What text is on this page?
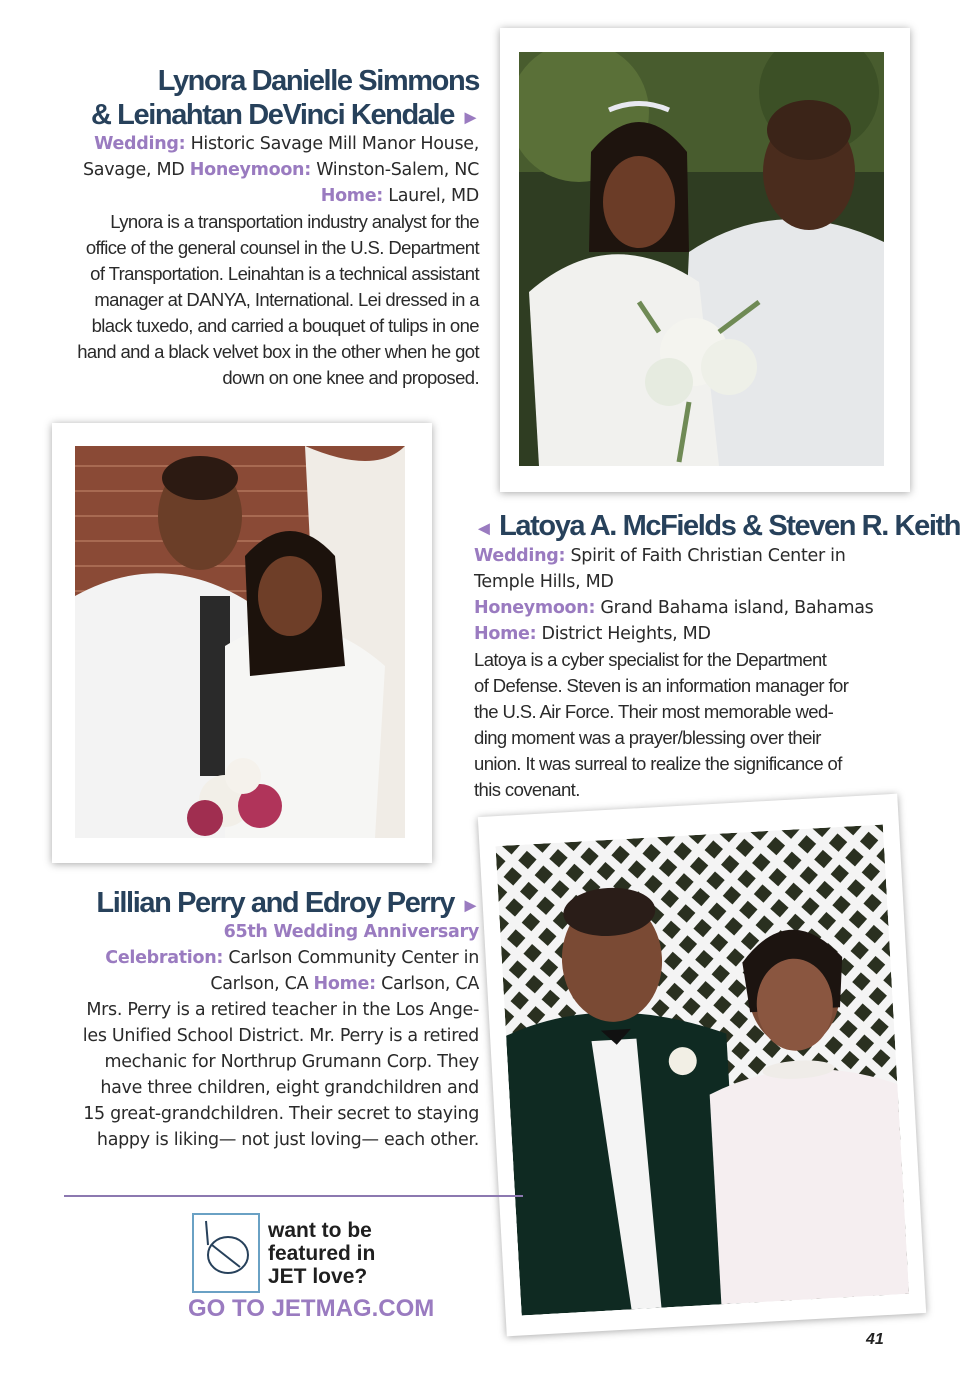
Lynora Danielle Simmons
& Leinahtan DeVinci Kendale ►
Wedding: Historic Savage Mill Manor House,
Savage, MD Honeymoon: Winston-Salem, NC
Home: Laurel, MD
Lynora is a transportation industry analyst for the
office of the general counsel in the U.S. Department
of Transportation. Leinahtan is a technical assistant
manager at DANYA, International. Lei dressed in a
black tuxedo, and carried a bouquet of tulips in one
hand and a black velvet box in the other when he got
down on one knee and proposed.
◄ Latoya A. McFields & Steven R. Keith
Wedding: Spirit of Faith Christian Center in
Temple Hills, MD
Honeymoon: Grand Bahama island, Bahamas
Home: District Heights, MD
Latoya is a cyber specialist for the Department
of Defense. Steven is an information manager for
the U.S. Air Force. Their most memorable wed-
ding moment was a prayer/blessing over their
union. It was surreal to realize the significance of
this covenant.
Lillian Perry and Edroy Perry ►
65th Wedding Anniversary
Celebration: Carlson Community Center in
Carlson, CA Home: Carlson, CA
Mrs. Perry is a retired teacher in the Los Ange-
les Unified School District. Mr. Perry is a retired
mechanic for Northrup Grumann Corp. They
have three children, eight grandchildren and
15 great-grandchildren. Their secret to staying
happy is liking— not just loving— each other.
want to be
featured in
JET love?
GO TO JETMAG.COM
41
